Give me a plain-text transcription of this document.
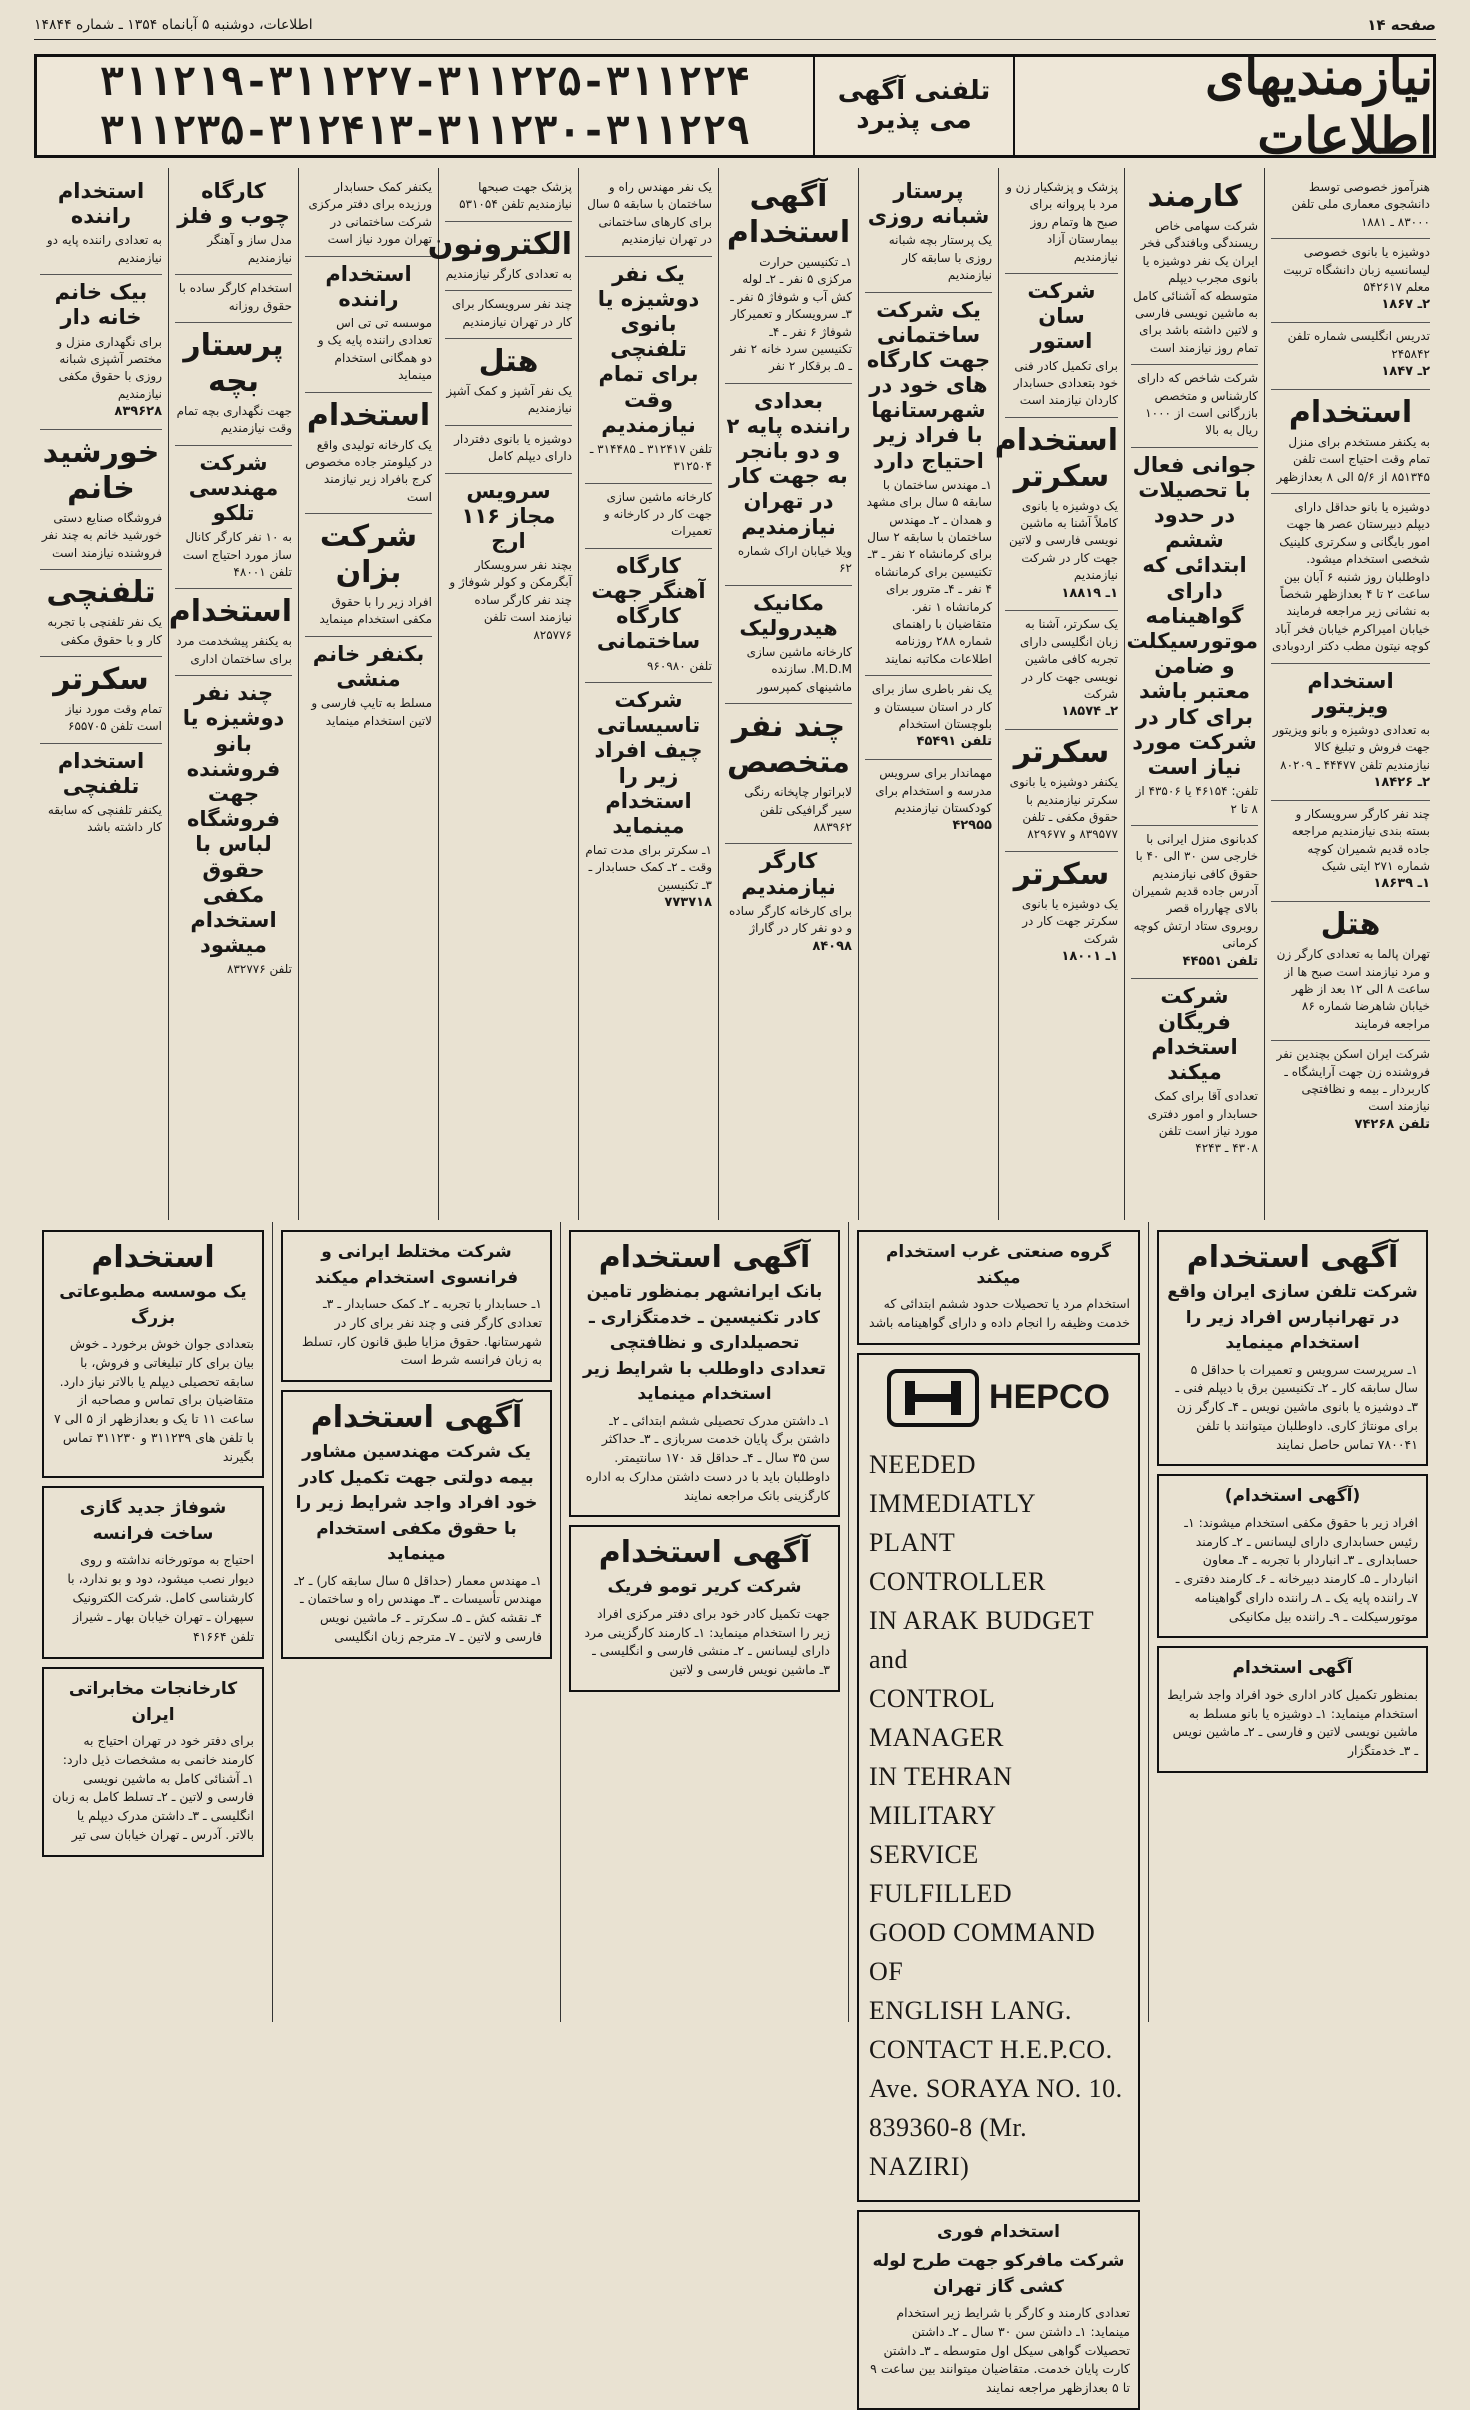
صفحه ۱۴
اطلاعات، دوشنبه ۵ آبانماه ۱۳۵۴ ـ شماره ۱۴۸۴۴
نیازمندیهای اطلاعات
تلفنی آگهی می پذیرد
۳۱۱۲۱۹-۳۱۱۲۲۷-۳۱۱۲۲۵-۳۱۱۲۲۴
۳۱۱۲۳۵-۳۱۲۴۱۳-۳۱۱۲۳۰-۳۱۱۲۲۹

هنرآموز خصوصی توسط دانشجوی معماری ملی تلفن ۸۳۰۰۰ ـ ۱۸۸۱

دوشیزه یا بانوی خصوصی لیسانسیه زبان دانشگاه تربیت معلم ۵۴۲۶۱۷

۲ـ ۱۸۶۷

تدریس انگلیسی شماره تلفن ۲۴۵۸۴۲

۲ـ ۱۸۴۷

استخدام

به یکنفر مستخدم برای منزل تمام وقت احتیاج است تلفن ۸۵۱۳۴۵ از ۵/۶ الی ۸ بعدازظهر

دوشیزه یا بانو حداقل دارای دیپلم دبیرستان عصر ها جهت امور بایگانی و سکرتری کلینیک شخصی استخدام میشود. داوطلبان روز شنبه ۶ آبان بین ساعت ۲ تا ۴ بعدازظهر شخصاً به نشانی زیر مراجعه فرمایند خیابان امیراکرم خیابان فخر آباد کوچه نیتون مطب دکتر اردوبادی

استخدام ویزیتور

به تعدادی دوشیزه و بانو ویزیتور جهت فروش و تبلیغ کالا نیازمندیم تلفن ۴۴۴۷۷ ـ ۸۰۲۰۹

۲ـ ۱۸۴۲۶

چند نفر کارگر سرویسکار و بسته بندی نیازمندیم مراجعه جاده قدیم شمیران کوچه شماره ۲۷۱ ایتی شیک

۱ـ ۱۸۶۳۹

هتل

تهران پالما به تعدادی کارگر زن و مرد نیازمند است صبح ها از ساعت ۸ الی ۱۲ بعد از ظهر خیابان شاهرضا شماره ۸۶ مراجعه فرمایند

شرکت ایران اسکن بچندین نفر فروشنده زن جهت آرایشگاه ـ کاربردار ـ بیمه و نظافتچی نیازمند است

تلفن ۷۴۲۶۸

کارمند

شرکت سهامی خاص ریسندگی وبافندگی فخر ایران یک نفر دوشیزه یا بانوی مجرب دیپلم متوسطه که آشنائی کامل به ماشین نویسی فارسی و لاتین داشته باشد برای تمام روز نیازمند است

شرکت شاخص که دارای کارشناس و متخصص بازرگانی است از ۱۰۰۰ ریال به بالا

جوانی فعال با تحصیلات در حدود ششم ابتدائی که دارای گواهینامه موتورسیکلت و ضامن معتبر باشد برای کار در شرکت مورد نیاز است

تلفن: ۴۶۱۵۴ یا ۴۳۵۰۶ از ۸ تا ۲

کدبانوی منزل ایرانی با خارجی سن ۳۰ الی ۴۰ با حقوق کافی نیازمندیم آدرس جاده قدیم شمیران بالای چهارراه قصر روبروی ستاد ارتش کوچه کرمانی

تلفن ۴۴۵۵۱

شرکت فریگان استخدام میکند

تعدادی آقا برای کمک حسابدار و امور دفتری مورد نیاز است تلفن ۴۳۰۸ ـ ۴۲۴۳

پزشک و پزشکیار زن و مرد با پروانه برای صبح ها وتمام روز بیمارستان آزاد نیازمندیم

شرکت سان استور

برای تکمیل کادر فنی خود بتعدادی حسابدار کاردان نیازمند است

استخدام سکرتر

یک دوشیزه یا بانوی کاملاً آشنا به ماشین نویسی فارسی و لاتین جهت کار در شرکت نیازمندیم

۱ـ ۱۸۸۱۹

یک سکرتر، آشنا به زبان انگلیسی دارای تجربه کافی ماشین نویسی جهت کار در شرکت

۲ـ ۱۸۵۷۴

سکرتر

یکنفر دوشیزه یا بانوی سکرتر نیازمندیم با حقوق مکفی ـ تلفن ۸۳۹۵۷۷ و ۸۲۹۶۷۷

سکرتر

یک دوشیزه یا بانوی سکرتر جهت کار در شرکت

۱ـ ۱۸۰۰۱

پرستار شبانه روزی

یک پرستار بچه شبانه روزی با سابقه کار نیازمندیم

یک شرکت ساختمانی جهت کارگاه های خود در شهرستانها با فراد زیر احتیاج دارد

۱ـ مهندس ساختمان با سابقه ۵ سال برای مشهد و همدان ـ ۲ـ مهندس ساختمان با سابقه ۲ سال برای کرمانشاه ۲ نفر ـ ۳ـ تکنیسین برای کرمانشاه ۴ نفر ـ ۴ـ مترور برای کرمانشاه ۱ نفر. متقاضیان با راهنمای شماره ۲۸۸ روزنامه اطلاعات مکاتبه نمایند

یک نفر باطری ساز برای کار در استان سیستان و بلوچستان استخدام

تلفن ۴۵۴۹۱

مهماندار برای سرویس مدرسه و استخدام برای کودکستان نیازمندیم

۴۲۹۵۵

آگهی استخدام

۱ـ تکنیسین حرارت مرکزی ۵ نفر ـ ۲ـ لوله کش آب و شوفاژ ۵ نفر ـ ۳ـ سرویسکار و تعمیرکار شوفاژ ۶ نفر ـ ۴ـ تکنیسین سرد خانه ۲ نفر ـ ۵ـ برقکار ۲ نفر

بعدادی راننده پایه ۲ و دو بانجر به جهت کار در تهران نیازمندیم

ویلا خیابان اراک شماره ۶۲

مکانیک هیدرولیک

کارخانه ماشین سازی M.D.M. سازنده ماشینهای کمپرسور

چند نفر متخصص

لابراتوار چاپخانه رنگی سیر گرافیکی تلفن ۸۸۳۹۶۲

کارگر نیازمندیم

برای کارخانه کارگر ساده و دو نفر کار در گاراژ

۸۴۰۹۸

یک نفر مهندس راه و ساختمان با سابقه ۵ سال برای کارهای ساختمانی در تهران نیازمندیم

یک نفر دوشیزه یا بانوی تلفنچی برای تمام وقت نیازمندیم

تلفن ۳۱۲۴۱۷ ـ ۳۱۴۴۸۵ ـ ۳۱۲۵۰۴

کارخانه ماشین سازی جهت کار در کارخانه و تعمیرات

کارگاه آهنگر جهت کارگاه ساختمانی

تلفن ۹۶۰۹۸۰

شرکت تاسیساتی چیف افراد زیر را استخدام مینماید

۱ـ سکرتر برای مدت تمام وقت ـ ۲ـ کمک حسابدار ـ ۳ـ تکنیسین

۷۷۳۷۱۸

پزشک جهت صبحها نیازمندیم تلفن ۵۳۱۰۵۴

الکترونون

به تعدادی کارگر نیازمندیم

چند نفر سرویسکار برای کار در تهران نیازمندیم

هتل

یک نفر آشپز و کمک آشپز نیازمندیم

دوشیزه یا بانوی دفتردار دارای دیپلم کامل

سرویس مجاز ۱۱۶ ارج

بچند نفر سرویسکار آبگرمکن و کولر شوفاژ و چند نفر کارگر ساده نیازمند است تلفن ۸۲۵۷۷۶

یکنفر کمک حسابدار ورزیده برای دفتر مرکزی شرکت ساختمانی در تهران مورد نیاز است

استخدام راننده

موسسه تی تی اس تعدادی راننده پایه یک و دو همگانی استخدام مینماید

استخدام

یک کارخانه تولیدی واقع در کیلومتر جاده مخصوص کرج بافراد زیر نیازمند است

شرکت بزان

افراد زیر را با حقوق مکفی استخدام مینماید

بکنفر خانم منشی

مسلط به تایپ فارسی و لاتین استخدام مینماید

کارگاه چوب و فلز

مدل ساز و آهنگر نیازمندیم

استخدام کارگر ساده با حقوق روزانه

پرستار بچه

جهت نگهداری بچه تمام وقت نیازمندیم

شرکت مهندسی تلکو

به ۱۰ نفر کارگر کانال ساز مورد احتیاج است تلفن ۴۸۰۰۱

استخدام

به یکنفر پیشخدمت مرد برای ساختمان اداری

چند نفر دوشیزه یا بانو فروشنده جهت فروشگاه لباس با حقوق مکفی استخدام میشود

تلفن ۸۳۲۷۷۶

استخدام راننده

به تعدادی راننده پایه دو نیازمندیم

بیک خانم خانه دار

برای نگهداری منزل و مختصر آشپزی شبانه روزی با حقوق مکفی نیازمندیم

۸۳۹۶۲۸

خورشید خانم

فروشگاه صنایع دستی خورشید خانم به چند نفر فروشنده نیازمند است

تلفنچی

یک نفر تلفنچی با تجربه کار و با حقوق مکفی

سکرتر

تمام وقت مورد نیاز است تلفن ۶۵۵۷۰۵

استخدام تلفنچی

یکنفر تلفنچی که سابقه کار داشته باشد

آگهی استخدام
شرکت تلفن سازی ایران واقع در تهرانپارس افراد زیر را استخدام مینماید

۱ـ سرپرست سرویس و تعمیرات با حداقل ۵ سال سابقه کار ـ ۲ـ تکنیسین برق با دیپلم فنی ـ ۳ـ دوشیزه یا بانوی ماشین نویس ـ ۴ـ کارگر زن برای مونتاژ کاری. داوطلبان میتوانند با تلفن ۷۸۰۰۴۱ تماس حاصل نمایند

(آگهی استخدام)

افراد زیر با حقوق مکفی استخدام میشوند: ۱ـ رئیس حسابداری دارای لیسانس ـ ۲ـ کارمند حسابداری ـ ۳ـ انباردار با تجربه ـ ۴ـ معاون انباردار ـ ۵ـ کارمند دبیرخانه ـ ۶ـ کارمند دفتری ـ ۷ـ راننده پایه یک ـ ۸ـ راننده دارای گواهینامه موتورسیکلت ـ ۹ـ راننده بیل مکانیکی

آگهی استخدام

بمنظور تکمیل کادر اداری خود افراد واجد شرایط استخدام مینماید: ۱ـ دوشیزه یا بانو مسلط به ماشین نویسی لاتین و فارسی ـ ۲ـ ماشین نویس ـ ۳ـ خدمتگزار

گروه صنعتی غرب استخدام میکند

استخدام مرد یا تحصیلات حدود ششم ابتدائی که خدمت وظیفه را انجام داده و دارای گواهینامه باشد

HEPCO
NEEDED IMMEDIATLY
PLANT CONTROLLER
IN ARAK BUDGET and
CONTROL MANAGER
IN TEHRAN MILITARY
SERVICE FULFILLED
GOOD COMMAND OF
ENGLISH LANG.
CONTACT H.E.P.CO.
Ave. SORAYA NO. 10.
839360-8 (Mr. NAZIRI)
استخدام فوری
شرکت مافرکو جهت طرح لوله کشی گاز تهران

تعدادی کارمند و کارگر با شرایط زیر استخدام مینماید: ۱ـ داشتن سن ۳۰ سال ـ ۲ـ داشتن تحصیلات گواهی سیکل اول متوسطه ـ ۳ـ داشتن کارت پایان خدمت. متقاضیان میتوانند بین ساعت ۹ تا ۵ بعدازظهر مراجعه نمایند

آگهی استخدام
بانک ایرانشهر بمنظور تامین کادر تکنیسین ـ خدمتگزاری ـ تحصیلداری و نظافتچی تعدادی داوطلب با شرایط زیر استخدام مینماید

۱ـ داشتن مدرک تحصیلی ششم ابتدائی ـ ۲ـ داشتن برگ پایان خدمت سربازی ـ ۳ـ حداکثر سن ۳۵ سال ـ ۴ـ حداقل قد ۱۷۰ سانتیمتر. داوطلبان باید با در دست داشتن مدارک به اداره کارگزینی بانک مراجعه نمایند

آگهی استخدام
شرکت کریر تومو فریک

جهت تکمیل کادر خود برای دفتر مرکزی افراد زیر را استخدام مینماید: ۱ـ کارمند کارگزینی مرد دارای لیسانس ـ ۲ـ منشی فارسی و انگلیسی ـ ۳ـ ماشین نویس فارسی و لاتین

شرکت مختلط ایرانی و فرانسوی استخدام میکند

۱ـ حسابدار با تجربه ـ ۲ـ کمک حسابدار ـ ۳ـ تعدادی کارگر فنی و چند نفر برای کار در شهرستانها. حقوق مزایا طبق قانون کار، تسلط به زبان فرانسه شرط است

آگهی استخدام
یک شرکت مهندسین مشاور بیمه دولتی جهت تکمیل کادر خود افراد واجد شرایط زیر را با حقوق مکفی استخدام مینماید

۱ـ مهندس معمار (حداقل ۵ سال سابقه کار) ـ ۲ـ مهندس تأسیسات ـ ۳ـ مهندس راه و ساختمان ـ ۴ـ نقشه کش ـ ۵ـ سکرتر ـ ۶ـ ماشین نویس فارسی و لاتین ـ ۷ـ مترجم زبان انگلیسی

استخدام
یک موسسه مطبوعاتی بزرگ

بتعدادی جوان خوش برخورد ـ خوش بیان برای کار تبلیغاتی و فروش، با سابقه تحصیلی دیپلم یا بالاتر نیاز دارد. متقاضیان برای تماس و مصاحبه از ساعت ۱۱ تا یک و بعدازظهر از ۵ الی ۷ با تلفن های ۳۱۱۲۳۹ و ۳۱۱۲۳۰ تماس بگیرند

شوفاژ جدید گازی ساخت فرانسه

احتیاج به موتورخانه نداشته و روی دیوار نصب میشود، دود و بو ندارد، با کارشناسی کامل. شرکت الکترونیک سپهران ـ تهران خیابان بهار ـ شیراز

تلفن ۴۱۶۶۴

کارخانجات مخابراتی ایران

برای دفتر خود در تهران احتیاج به کارمند خانمی به مشخصات ذیل دارد: ۱ـ آشنائی کامل به ماشین نویسی فارسی و لاتین ـ ۲ـ تسلط کامل به زبان انگلیسی ـ ۳ـ داشتن مدرک دیپلم یا بالاتر. آدرس ـ تهران خیابان سی تیر
